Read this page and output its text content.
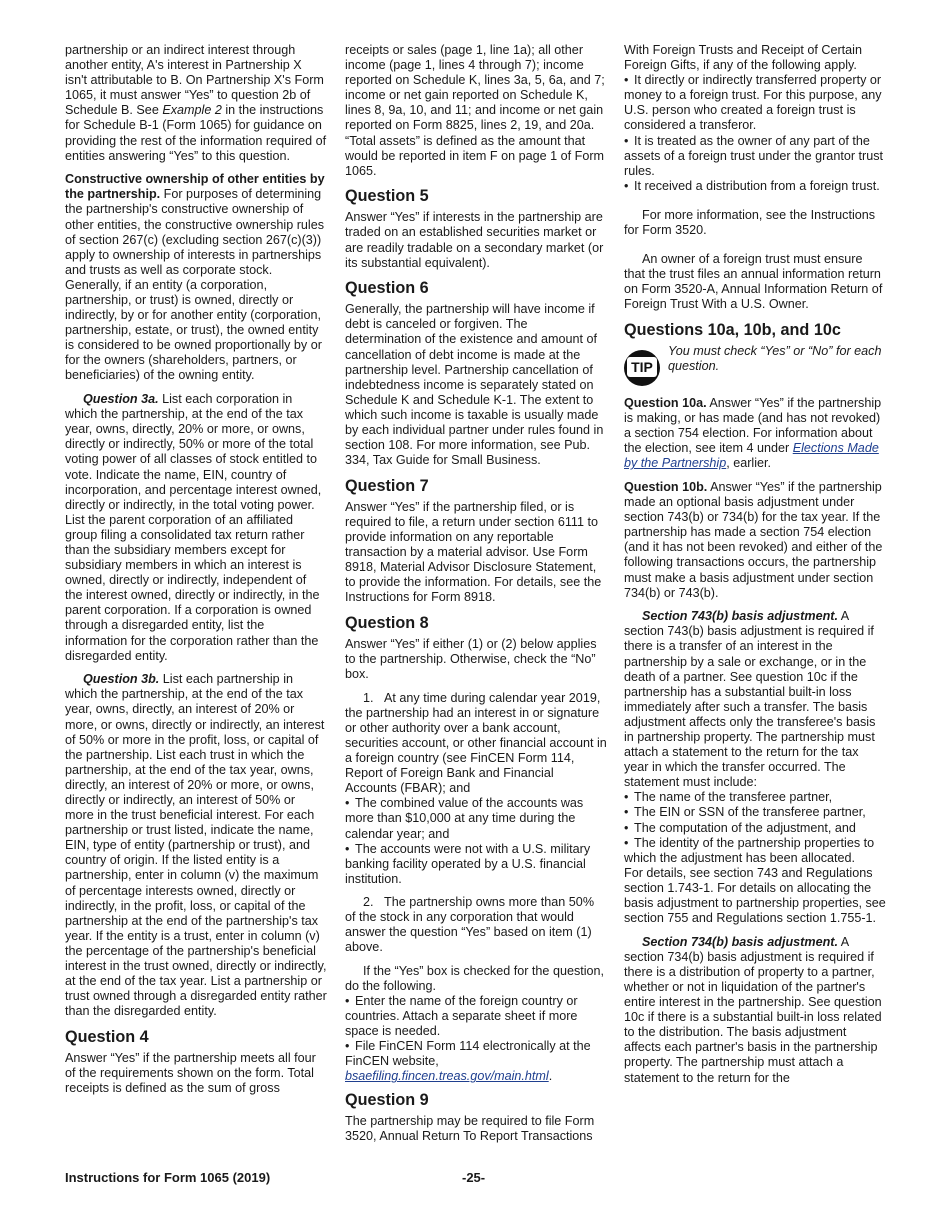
partnership or an indirect interest through another entity, A's interest in Partnership X isn't attributable to B. On Partnership X's Form 1065, it must answer “Yes” to question 2b of Schedule B. See Example 2 in the instructions for Schedule B-1 (Form 1065) for guidance on providing the rest of the information required of entities answering “Yes” to this question.

Constructive ownership of other entities by the partnership. For purposes of determining the partnership's constructive ownership of other entities, the constructive ownership rules of section 267(c) (excluding section 267(c)(3)) apply to ownership of interests in partnerships and trusts as well as corporate stock. Generally, if an entity (a corporation, partnership, or trust) is owned, directly or indirectly, by or for another entity (corporation, partnership, estate, or trust), the owned entity is considered to be owned proportionally by or for the owners (shareholders, partners, or beneficiaries) of the owning entity.

Question 3a. List each corporation in which the partnership, at the end of the tax year, owns, directly, 20% or more, or owns, directly or indirectly, 50% or more of the total voting power of all classes of stock entitled to vote. Indicate the name, EIN, country of incorporation, and percentage interest owned, directly or indirectly, in the total voting power. List the parent corporation of an affiliated group filing a consolidated tax return rather than the subsidiary members except for subsidiary members in which an interest is owned, directly or indirectly, independent of the interest owned, directly or indirectly, in the parent corporation. If a corporation is owned through a disregarded entity, list the information for the corporation rather than the disregarded entity.

Question 3b. List each partnership in which the partnership, at the end of the tax year, owns, directly, an interest of 20% or more, or owns, directly or indirectly, an interest of 50% or more in the profit, loss, or capital of the partnership. List each trust in which the partnership, at the end of the tax year, owns, directly, an interest of 20% or more, or owns, directly or indirectly, an interest of 50% or more in the trust beneficial interest. For each partnership or trust listed, indicate the name, EIN, type of entity (partnership or trust), and country of origin. If the listed entity is a partnership, enter in column (v) the maximum of percentage interests owned, directly or indirectly, in the profit, loss, or capital of the partnership at the end of the partnership's tax year. If the entity is a trust, enter in column (v) the percentage of the partnership's beneficial interest in the trust owned, directly or indirectly, at the end of the tax year. List a partnership or trust owned through a disregarded entity rather than the disregarded entity.

Question 4

Answer “Yes” if the partnership meets all four of the requirements shown on the form. Total receipts is defined as the sum of gross

receipts or sales (page 1, line 1a); all other income (page 1, lines 4 through 7); income reported on Schedule K, lines 3a, 5, 6a, and 7; income or net gain reported on Schedule K, lines 8, 9a, 10, and 11; and income or net gain reported on Form 8825, lines 2, 19, and 20a. “Total assets” is defined as the amount that would be reported in item F on page 1 of Form 1065.

Question 5

Answer “Yes” if interests in the partnership are traded on an established securities market or are readily tradable on a secondary market (or its substantial equivalent).

Question 6

Generally, the partnership will have income if debt is canceled or forgiven. The determination of the existence and amount of cancellation of debt income is made at the partnership level. Partnership cancellation of indebtedness income is separately stated on Schedule K and Schedule K-1. The extent to which such income is taxable is usually made by each individual partner under rules found in section 108. For more information, see Pub. 334, Tax Guide for Small Business.

Question 7

Answer “Yes” if the partnership filed, or is required to file, a return under section 6111 to provide information on any reportable transaction by a material advisor. Use Form 8918, Material Advisor Disclosure Statement, to provide the information. For details, see the Instructions for Form 8918.

Question 8

Answer “Yes” if either (1) or (2) below applies to the partnership. Otherwise, check the “No” box.

1.   At any time during calendar year 2019, the partnership had an interest in or signature or other authority over a bank account, securities account, or other financial account in a foreign country (see FinCEN Form 114, Report of Foreign Bank and Financial Accounts (FBAR); and

• The combined value of the accounts was more than $10,000 at any time during the calendar year; and

• The accounts were not with a U.S. military banking facility operated by a U.S. financial institution.

2.   The partnership owns more than 50% of the stock in any corporation that would answer the question “Yes” based on item (1) above.

If the “Yes” box is checked for the question, do the following.

• Enter the name of the foreign country or countries. Attach a separate sheet if more space is needed.

• File FinCEN Form 114 electronically at the FinCEN website, bsaefiling.fincen.treas.gov/main.html.

Question 9

The partnership may be required to file Form 3520, Annual Return To Report Transactions

With Foreign Trusts and Receipt of Certain Foreign Gifts, if any of the following apply.

• It directly or indirectly transferred property or money to a foreign trust. For this purpose, any U.S. person who created a foreign trust is considered a transferor.

• It is treated as the owner of any part of the assets of a foreign trust under the grantor trust rules.

• It received a distribution from a foreign trust.

For more information, see the Instructions for Form 3520.

An owner of a foreign trust must ensure that the trust files an annual information return on Form 3520-A, Annual Information Return of Foreign Trust With a U.S. Owner.

Questions 10a, 10b, and 10c
TIP
You must check “Yes” or “No” for each question.

Question 10a. Answer “Yes” if the partnership is making, or has made (and has not revoked) a section 754 election. For information about the election, see item 4 under Elections Made by the Partnership, earlier.

Question 10b. Answer “Yes” if the partnership made an optional basis adjustment under section 743(b) or 734(b) for the tax year. If the partnership has made a section 754 election (and it has not been revoked) and either of the following transactions occurs, the partnership must make a basis adjustment under section 734(b) or 743(b).

Section 743(b) basis adjustment. A section 743(b) basis adjustment is required if there is a transfer of an interest in the partnership by a sale or exchange, or in the death of a partner. See question 10c if the partnership has a substantial built-in loss immediately after such a transfer. The basis adjustment affects only the transferee's basis in partnership property. The partnership must attach a statement to the return for the tax year in which the transfer occurred. The statement must include:

• The name of the transferee partner,

• The EIN or SSN of the transferee partner,

• The computation of the adjustment, and

• The identity of the partnership properties to which the adjustment has been allocated.

For details, see section 743 and Regulations section 1.743-1. For details on allocating the basis adjustment to partnership properties, see section 755 and Regulations section 1.755-1.

Section 734(b) basis adjustment. A section 734(b) basis adjustment is required if there is a distribution of property to a partner, whether or not in liquidation of the partner's entire interest in the partnership. See question 10c if there is a substantial built-in loss related to the distribution. The basis adjustment affects each partner's basis in the partnership property. The partnership must attach a statement to the return for the

Instructions for Form 1065 (2019)	-25-
